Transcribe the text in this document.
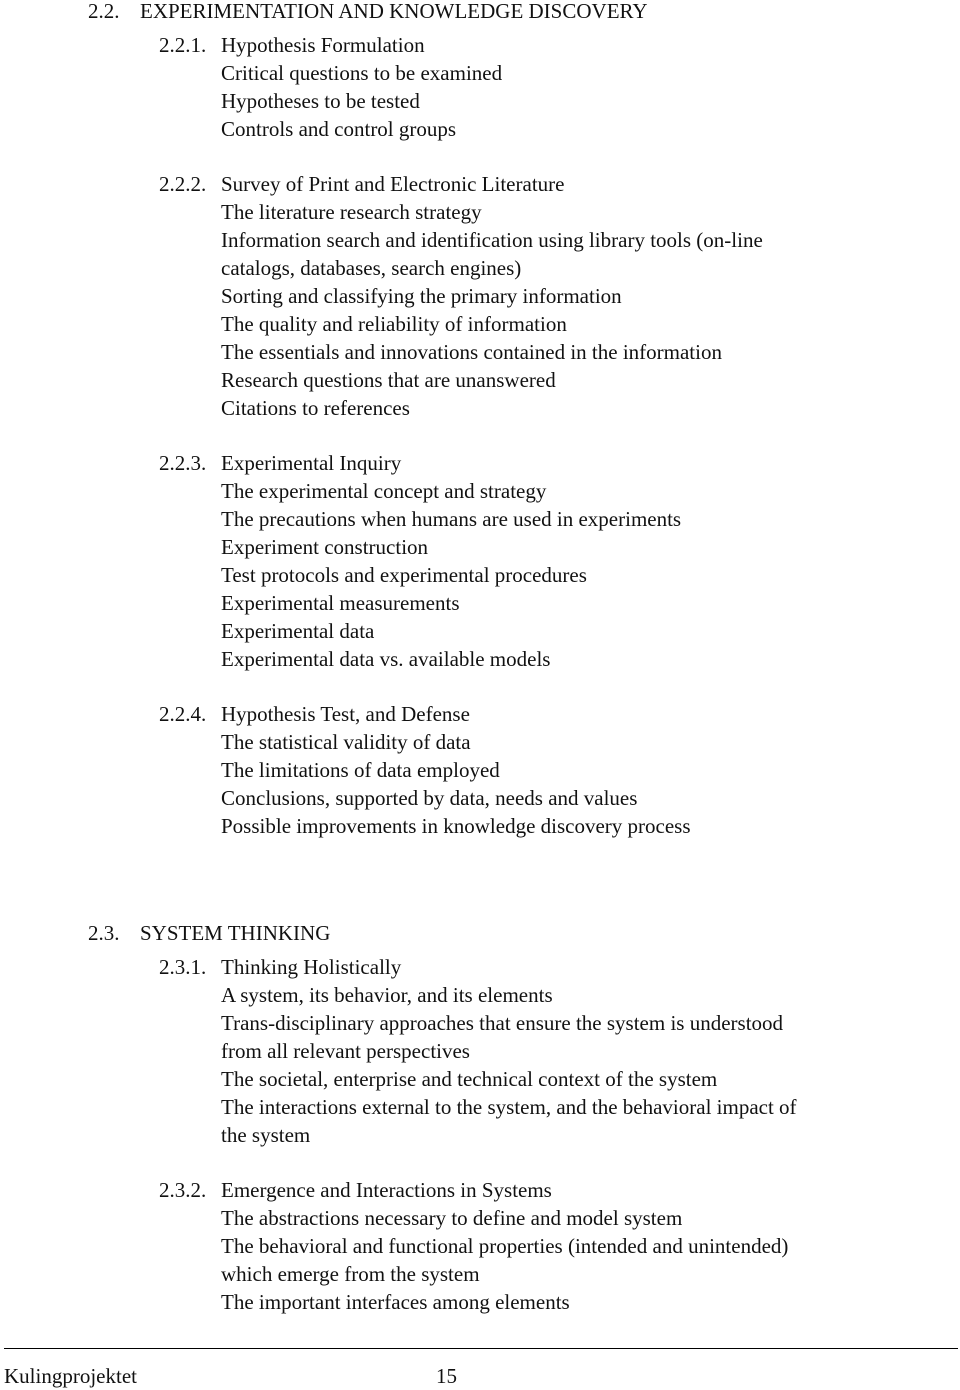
2.2. EXPERIMENTATION AND KNOWLEDGE DISCOVERY
2.2.1. Hypothesis Formulation
Critical questions to be examined
Hypotheses to be tested
Controls and control groups
2.2.2. Survey of Print and Electronic Literature
The literature research strategy
Information search and identification using library tools (on-line
catalogs, databases, search engines)
Sorting and classifying the primary information
The quality and reliability of information
The essentials and innovations contained in the information
Research questions that are unanswered
Citations to references
2.2.3. Experimental Inquiry
The experimental concept and strategy
The precautions when humans are used in experiments
Experiment construction
Test protocols and experimental procedures
Experimental measurements
Experimental data
Experimental data vs. available models
2.2.4. Hypothesis Test, and Defense
The statistical validity of data
The limitations of data employed
Conclusions, supported by data, needs and values
Possible improvements in knowledge discovery process
2.3. SYSTEM THINKING
2.3.1. Thinking Holistically
A system, its behavior, and its elements
Trans-disciplinary approaches that ensure the system is understood
from all relevant perspectives
The societal, enterprise and technical context of the system
The interactions external to the system, and the behavioral impact of
the system
2.3.2. Emergence and Interactions in Systems
The abstractions necessary to define and model system
The behavioral and functional properties (intended and unintended)
which emerge from the system
The important interfaces among elements
Kulingprojektet	15
